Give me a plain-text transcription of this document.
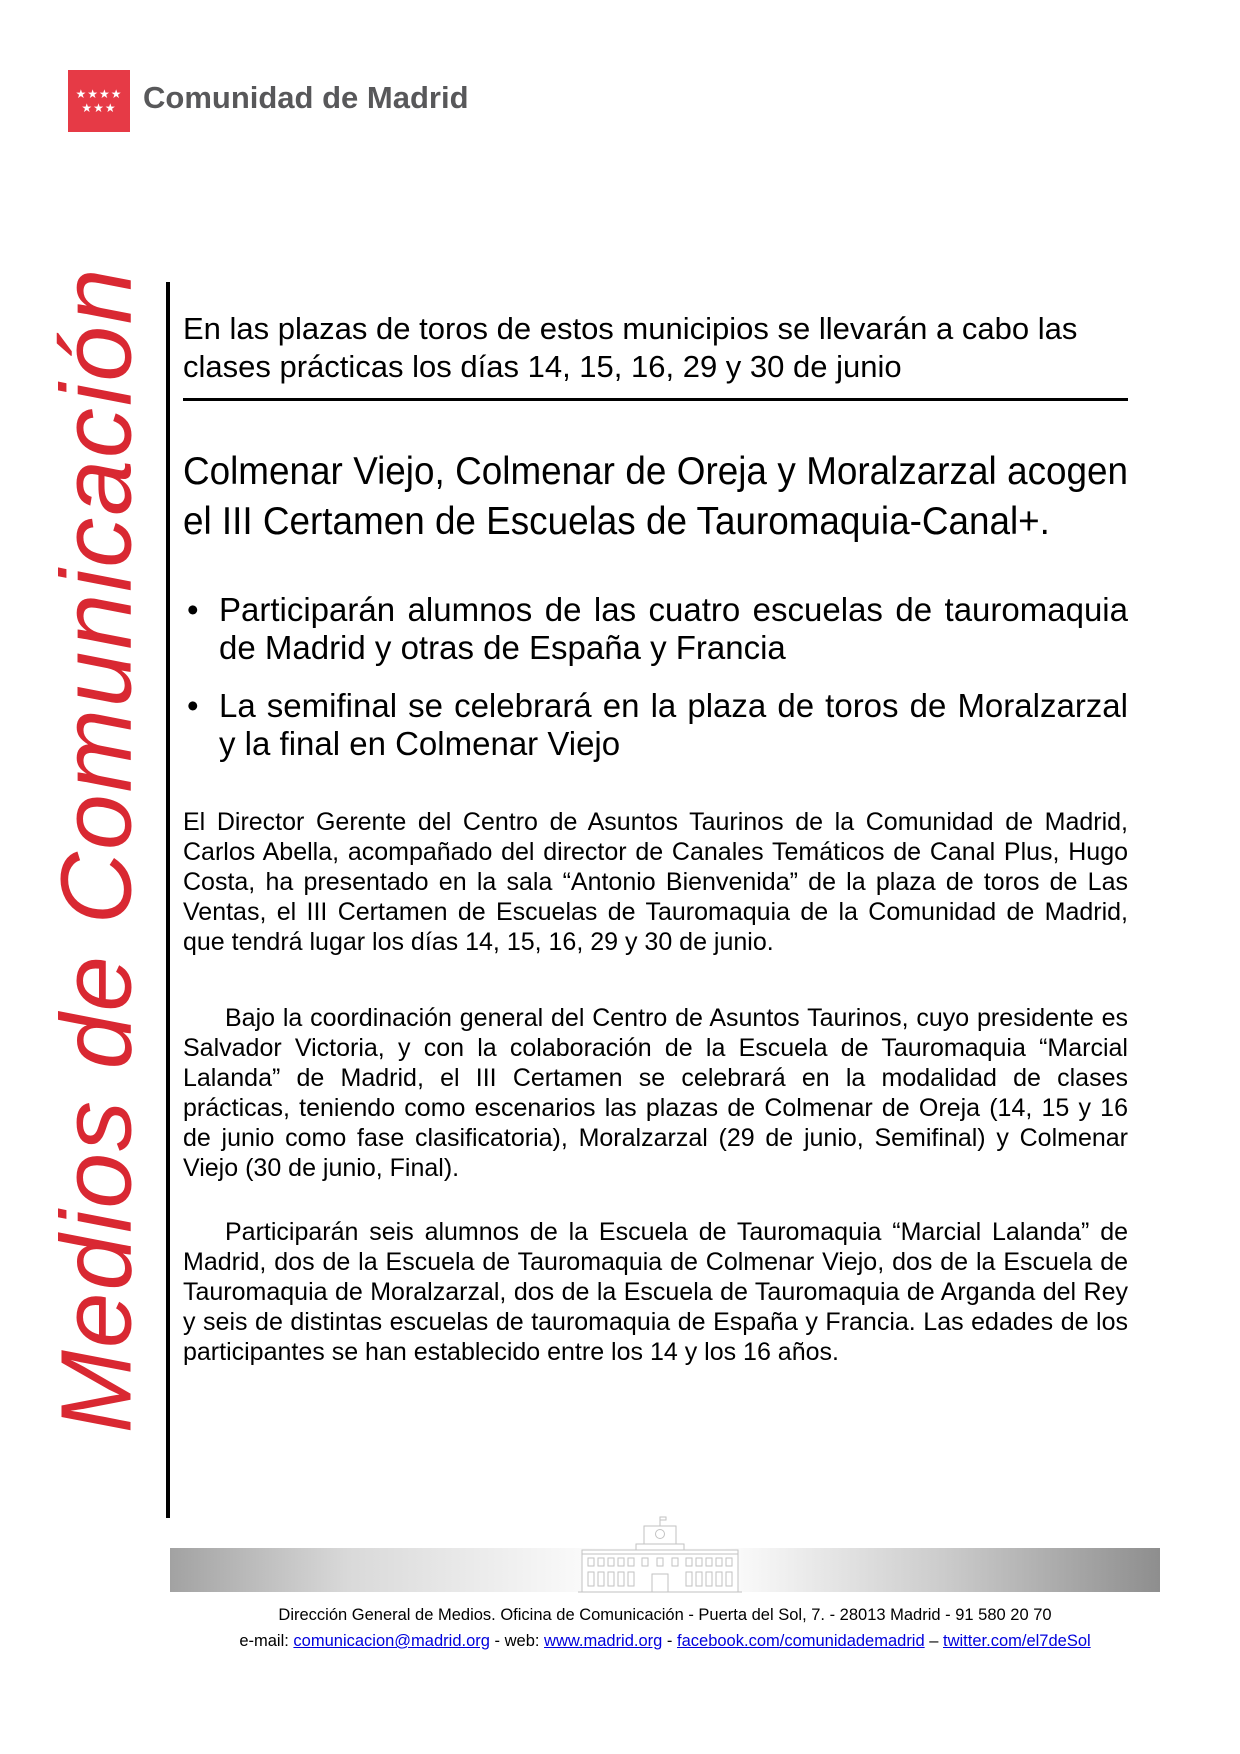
★★★★
★★★ Comunidad de Madrid
Medios de Comunicación En las plazas de toros de estos municipios se llevarán a cabo las clases prácticas los días 14, 15, 16, 29 y 30 de junio

Colmenar Viejo, Colmenar de Oreja y Moralzarzal acogen el III Certamen de Escuelas de Tauromaquia-Canal+.
• Participarán alumnos de las cuatro escuelas de tauromaquia de Madrid y otras de España y Francia
• La semifinal se celebrará en la plaza de toros de Moralzarzal y la final en Colmenar Viejo

El Director Gerente del Centro de Asuntos Taurinos de la Comunidad de Madrid, Carlos Abella, acompañado del director de Canales Temáticos de Canal Plus, Hugo Costa, ha presentado en la sala “Antonio Bienvenida” de la plaza de toros de Las Ventas, el III Certamen de Escuelas de Tauromaquia de la Comunidad de Madrid, que tendrá lugar los días 14, 15, 16, 29 y 30 de junio.

Bajo la coordinación general del Centro de Asuntos Taurinos, cuyo presidente es Salvador Victoria, y con la colaboración de la Escuela de Tauromaquia “Marcial Lalanda” de Madrid, el III Certamen se celebrará en la modalidad de clases prácticas, teniendo como escenarios las plazas de Colmenar de Oreja (14, 15 y 16 de junio como fase clasificatoria), Moralzarzal (29 de junio, Semifinal) y Colmenar Viejo (30 de junio, Final).

Participarán seis alumnos de la Escuela de Tauromaquia “Marcial Lalanda” de Madrid, dos de la Escuela de Tauromaquia de Colmenar Viejo, dos de la Escuela de Tauromaquia de Moralzarzal, dos de la Escuela de Tauromaquia de Arganda del Rey y seis de distintas escuelas de tauromaquia de España y Francia. Las edades de los participantes se han establecido entre los 14 y los 16 años.

Dirección General de Medios. Oficina de Comunicación - Puerta del Sol, 7. - 28013 Madrid - 91 580 20 70

e-mail: comunicacion@madrid.org - web: www.madrid.org - facebook.com/comunidademadrid – twitter.com/el7deSol
